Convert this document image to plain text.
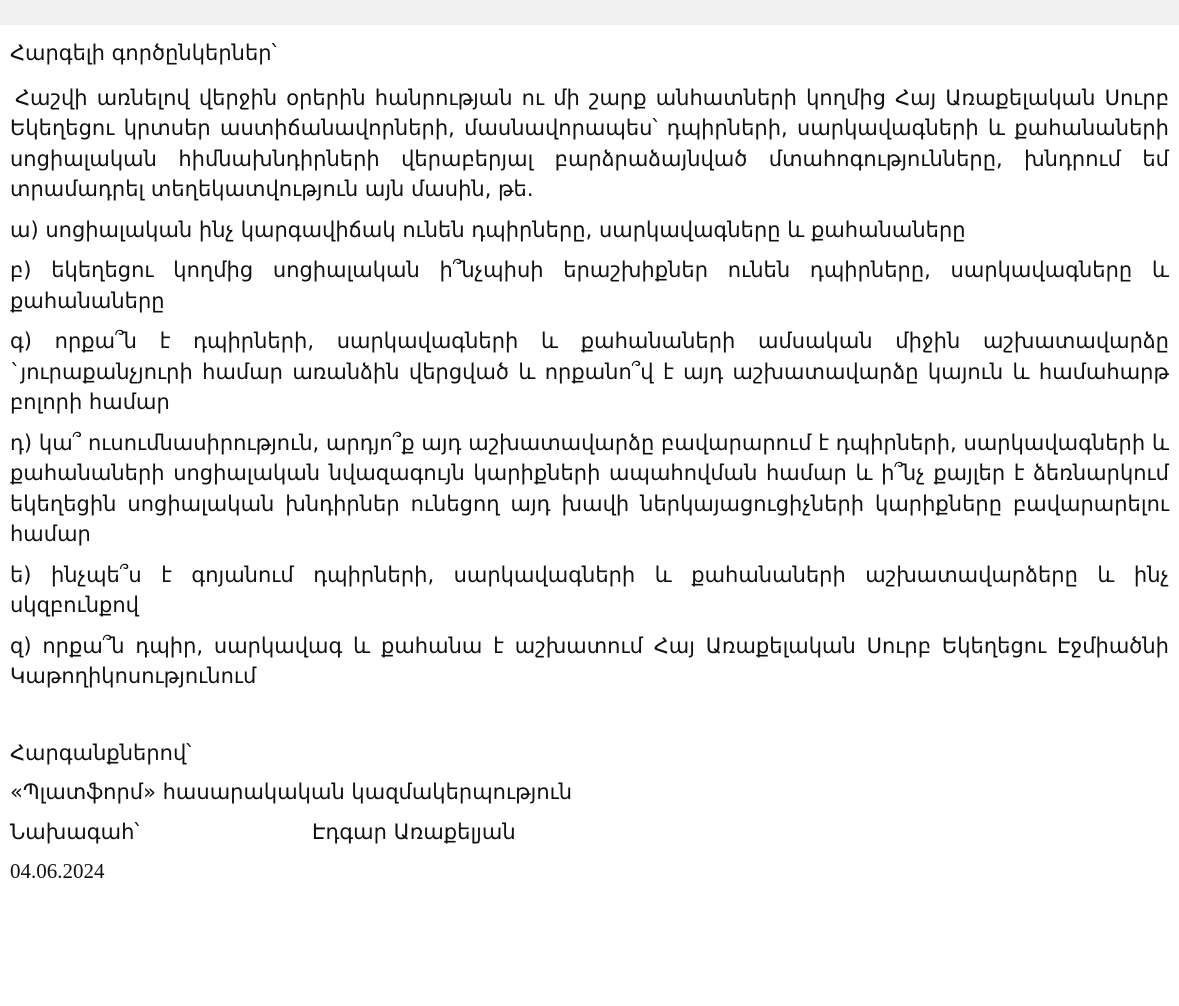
Հարգելի գործընկերներ՝

Հաշվի առնելով վերջին օրերին հանրության ու մի շարք անհատների կողմից Հայ Առաքելական Սուրբ Եկեղեցու կրտսեր աստիճանավորների, մասնավորապես՝ դպիրների, սարկավագների և քահանաների սոցիալական հիմնախնդիրների վերաբերյալ բարձրաձայնված մտահոգությունները, խնդրում եմ տրամադրել տեղեկատվություն այն մասին, թե.

ա) սոցիալական ինչ կարգավիճակ ունեն դպիրները, սարկավագները և քահանաները

բ) եկեղեցու կողմից սոցիալական ի՞նչպիսի երաշխիքներ ունեն դպիրները, սարկավագները և քահանաները

գ) որքա՞ն է դպիրների, սարկավագների և քահանաների ամսական միջին աշխատավարձը `յուրաքանչյուրի համար առանձին վերցված և որքանո՞վ է այդ աշխատավարձը կայուն և համահարթ բոլորի համար

դ) կա՞ ուսումնասիրություն, արդյո՞ք այդ աշխատավարձը բավարարում է դպիրների, սարկավագների և քահանաների սոցիալական նվազագույն կարիքների ապահովման համար և ի՞նչ քայլեր է ձեռնարկում եկեղեցին սոցիալական խնդիրներ ունեցող այդ խավի ներկայացուցիչների կարիքները բավարարելու համար

ե) ինչպե՞ս է գոյանում դպիրների, սարկավագների և քահանաների աշխատավարձերը և ինչ սկզբունքով

զ) որքա՞ն դպիր, սարկավագ և քահանա է աշխատում Հայ Առաքելական Սուրբ Եկեղեցու Էջմիածնի Կաթողիկոսությունում

Հարգանքներով՝

«Պլատֆորմ» հասարակական կազմակերպություն

Նախագահ՝	Էդգար Առաքելյան

04.06.2024
